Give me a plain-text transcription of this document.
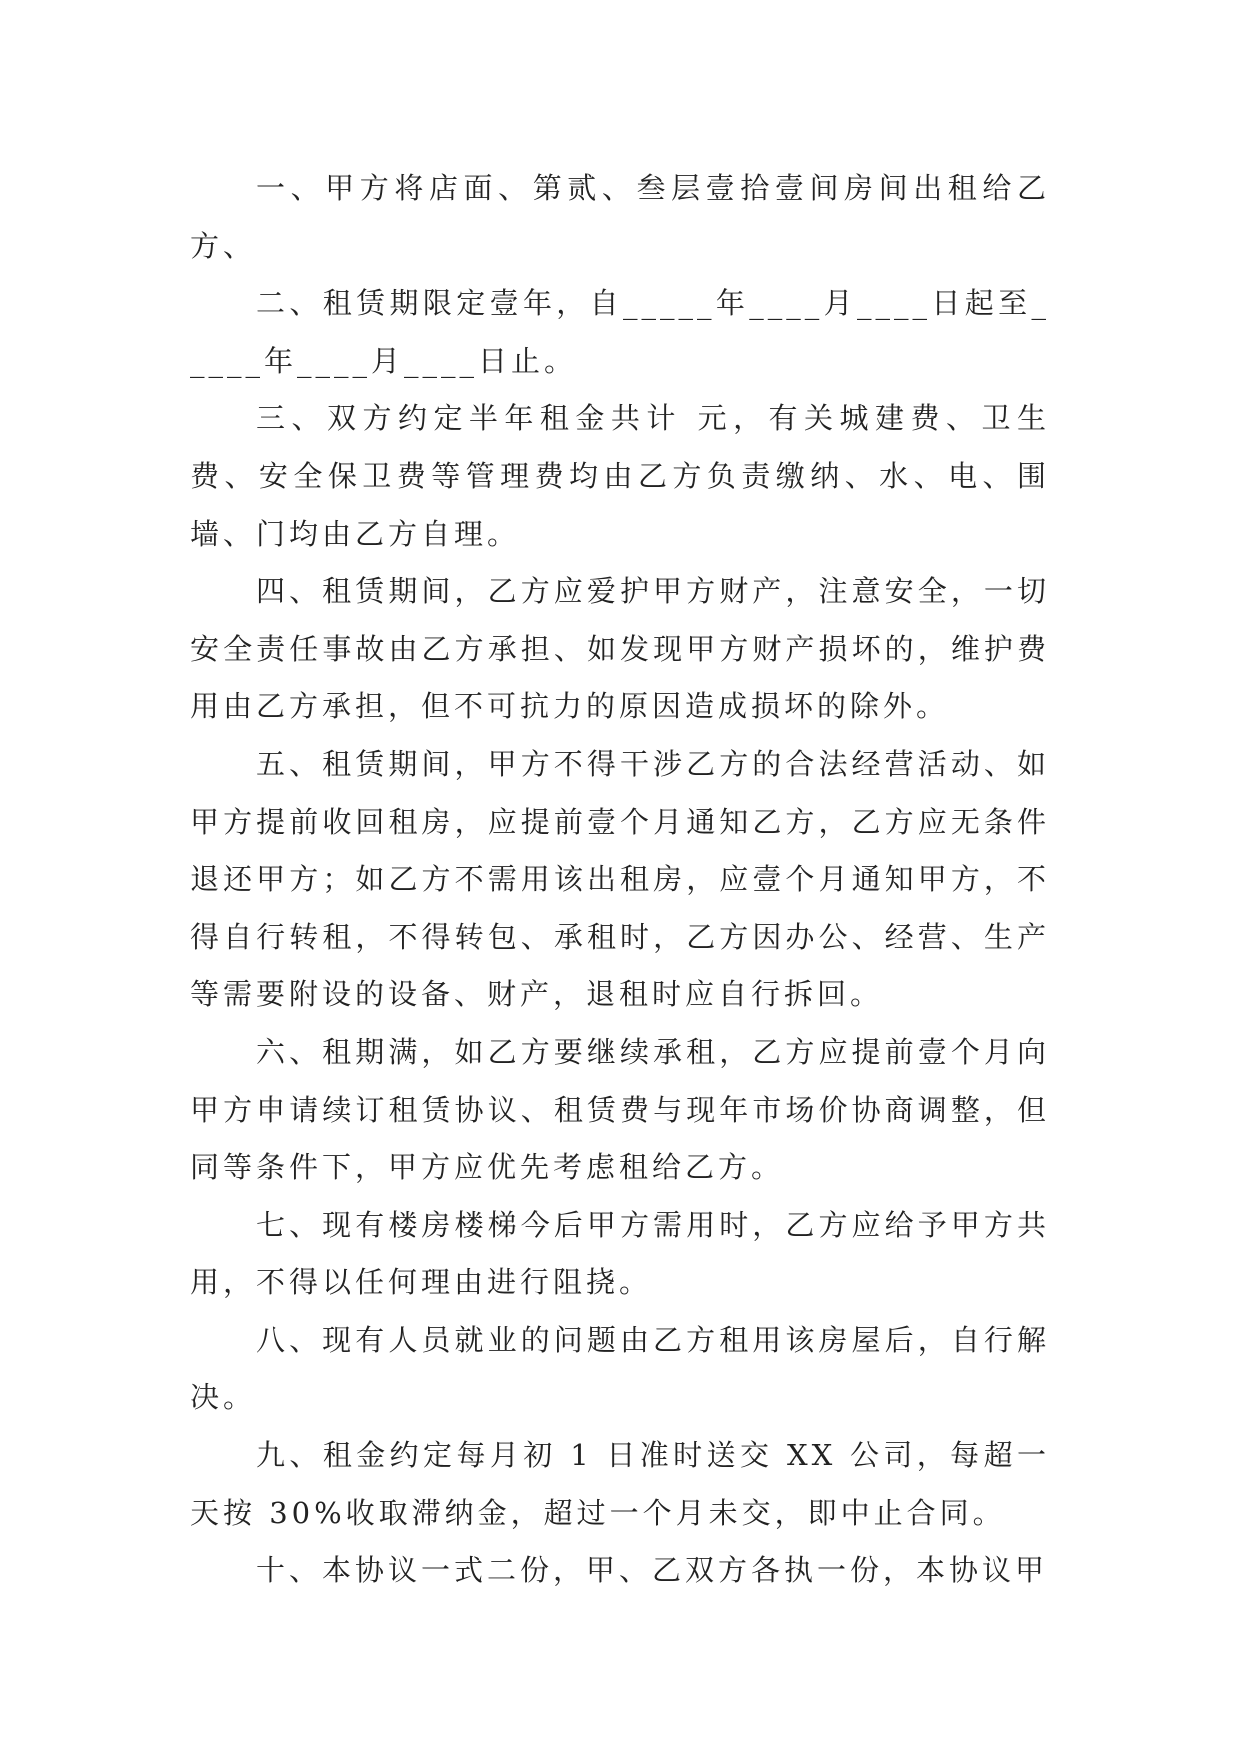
一、甲方将店面、第贰、叁层壹拾壹间房间出租给乙方、

二、租赁期限定壹年，自_____年____月____日起至_____年____月____日止。

三、双方约定半年租金共计 元，有关城建费、卫生费、安全保卫费等管理费均由乙方负责缴纳、水、电、围墙、门均由乙方自理。

四、租赁期间，乙方应爱护甲方财产，注意安全，一切安全责任事故由乙方承担、如发现甲方财产损坏的，维护费用由乙方承担，但不可抗力的原因造成损坏的除外。

五、租赁期间，甲方不得干涉乙方的合法经营活动、如甲方提前收回租房，应提前壹个月通知乙方，乙方应无条件退还甲方；如乙方不需用该出租房，应壹个月通知甲方，不得自行转租，不得转包、承租时，乙方因办公、经营、生产等需要附设的设备、财产，退租时应自行拆回。

六、租期满，如乙方要继续承租，乙方应提前壹个月向甲方申请续订租赁协议、租赁费与现年市场价协商调整，但同等条件下，甲方应优先考虑租给乙方。

七、现有楼房楼梯今后甲方需用时，乙方应给予甲方共用，不得以任何理由进行阻挠。

八、现有人员就业的问题由乙方租用该房屋后，自行解决。

九、租金约定每月初 1 日准时送交 XX 公司，每超一天按 30%收取滞纳金，超过一个月未交，即中止合同。

十、本协议一式二份，甲、乙双方各执一份，本协议甲
